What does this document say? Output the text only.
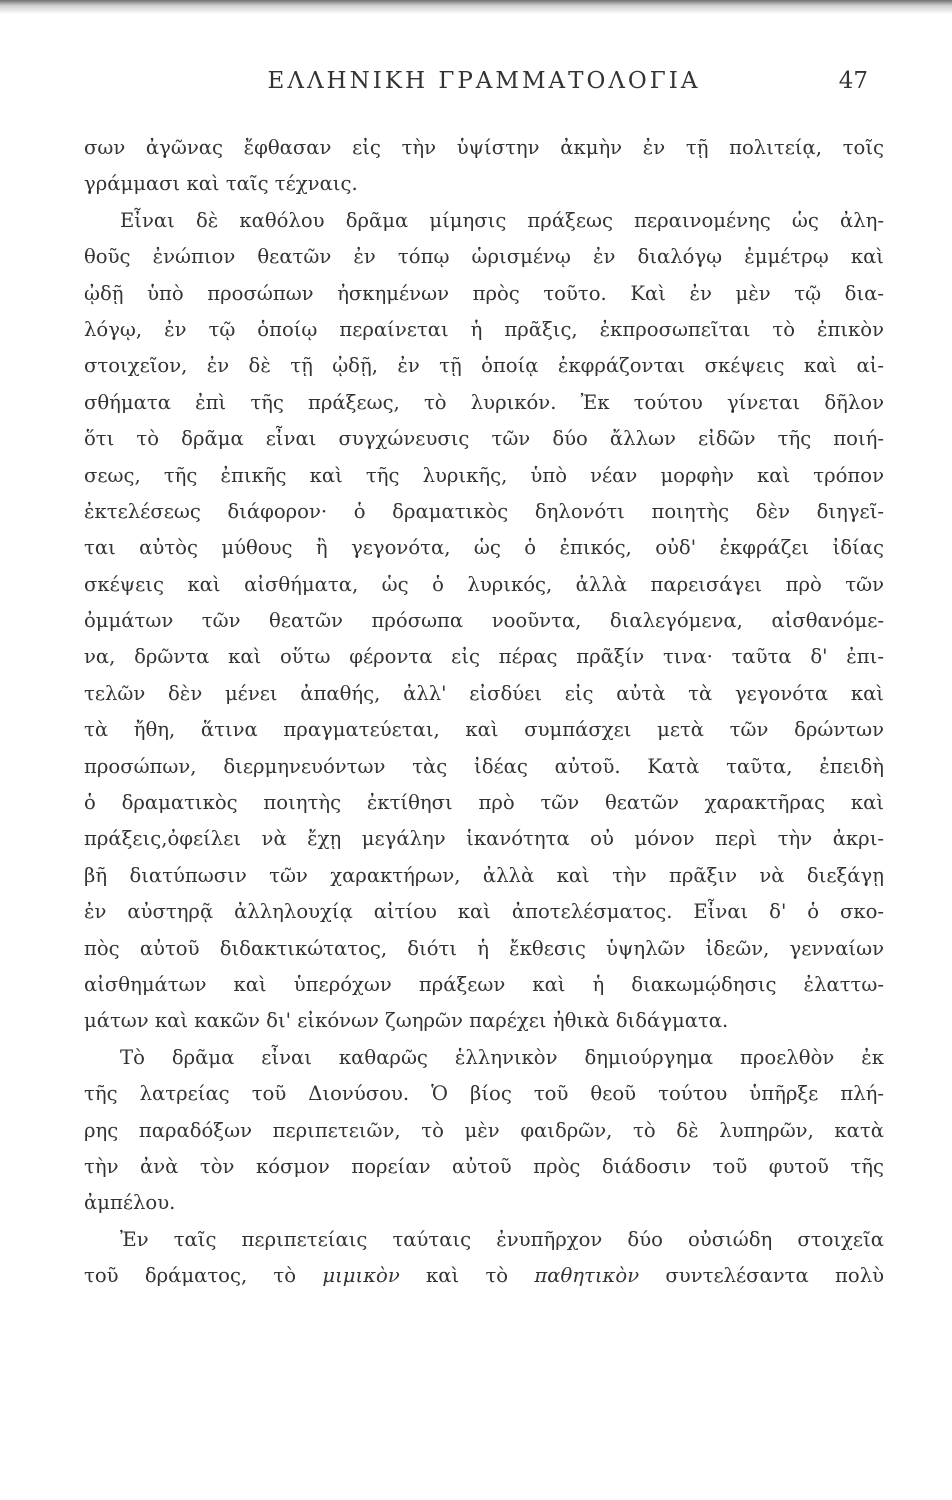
ΕΛΛΗΝΙΚΗ ΓΡΑΜΜΑΤΟΛΟΓΙΑ	47
σων ἀγῶνας ἔφθασαν εἰς τὴν ὑψίστην ἀκμὴν ἐν τῇ πολιτείᾳ, τοῖς
γράμμασι καὶ ταῖς τέχναις.
Εἶναι δὲ καθόλου δρᾶμα μίμησις πράξεως περαινομένης ὡς ἀλη-
θοῦς ἐνώπιον θεατῶν ἐν τόπῳ ὡρισμένῳ ἐν διαλόγῳ ἐμμέτρῳ καὶ
ᾠδῇ ὑπὸ προσώπων ἠσκημένων πρὸς τοῦτο. Καὶ ἐν μὲν τῷ δια-
λόγῳ, ἐν τῷ ὁποίῳ περαίνεται ἡ πρᾶξις, ἐκπροσωπεῖται τὸ ἐπικὸν
στοιχεῖον, ἐν δὲ τῇ ᾠδῇ, ἐν τῇ ὁποίᾳ ἐκφράζονται σκέψεις καὶ αἰ-
σθήματα ἐπὶ τῆς πράξεως, τὸ λυρικόν. Ἐκ τούτου γίνεται δῆλον
ὅτι τὸ δρᾶμα εἶναι συγχώνευσις τῶν δύο ἄλλων εἰδῶν τῆς ποιή-
σεως, τῆς ἐπικῆς καὶ τῆς λυρικῆς, ὑπὸ νέαν μορφὴν καὶ τρόπον
ἐκτελέσεως διάφορον· ὁ δραματικὸς δηλονότι ποιητὴς δὲν διηγεῖ-
ται αὐτὸς μύθους ἢ γεγονότα, ὡς ὁ ἐπικός, οὐδ' ἐκφράζει ἰδίας
σκέψεις καὶ αἰσθήματα, ὡς ὁ λυρικός, ἀλλὰ παρεισάγει πρὸ τῶν
ὀμμάτων τῶν θεατῶν πρόσωπα νοοῦντα, διαλεγόμενα, αἰσθανόμε-
να, δρῶντα καὶ οὕτω φέροντα εἰς πέρας πρᾶξίν τινα· ταῦτα δ' ἐπι-
τελῶν δὲν μένει ἀπαθής, ἀλλ' εἰσδύει εἰς αὐτὰ τὰ γεγονότα καὶ
τὰ ἤθη, ἅτινα πραγματεύεται, καὶ συμπάσχει μετὰ τῶν δρώντων
προσώπων, διερμηνευόντων τὰς ἰδέας αὐτοῦ. Κατὰ ταῦτα, ἐπειδὴ
ὁ δραματικὸς ποιητὴς ἐκτίθησι πρὸ τῶν θεατῶν χαρακτῆρας καὶ
πράξεις,ὀφείλει νὰ ἔχῃ μεγάλην ἱκανότητα οὐ μόνον περὶ τὴν ἀκρι-
βῆ διατύπωσιν τῶν χαρακτήρων, ἀλλὰ καὶ τὴν πρᾶξιν νὰ διεξάγῃ
ἐν αὐστηρᾷ ἀλληλουχίᾳ αἰτίου καὶ ἀποτελέσματος. Εἶναι δ' ὁ σκο-
πὸς αὐτοῦ διδακτικώτατος, διότι ἡ ἔκθεσις ὑψηλῶν ἰδεῶν, γενναίων
αἰσθημάτων καὶ ὑπερόχων πράξεων καὶ ἡ διακωμῴδησις ἐλαττω-
μάτων καὶ κακῶν δι' εἰκόνων ζωηρῶν παρέχει ἠθικὰ διδάγματα.
Τὸ δρᾶμα εἶναι καθαρῶς ἑλληνικὸν δημιούργημα προελθὸν ἐκ
τῆς λατρείας τοῦ Διονύσου. Ὁ βίος τοῦ θεοῦ τούτου ὑπῆρξε πλή-
ρης παραδόξων περιπετειῶν, τὸ μὲν φαιδρῶν, τὸ δὲ λυπηρῶν, κατὰ
τὴν ἀνὰ τὸν κόσμον πορείαν αὐτοῦ πρὸς διάδοσιν τοῦ φυτοῦ τῆς
ἀμπέλου.
Ἐν ταῖς περιπετείαις ταύταις ἐνυπῆρχον δύο οὐσιώδη στοιχεῖα
τοῦ δράματος, τὸ μιμικὸν καὶ τὸ παθητικὸν συντελέσαντα πολὺ
